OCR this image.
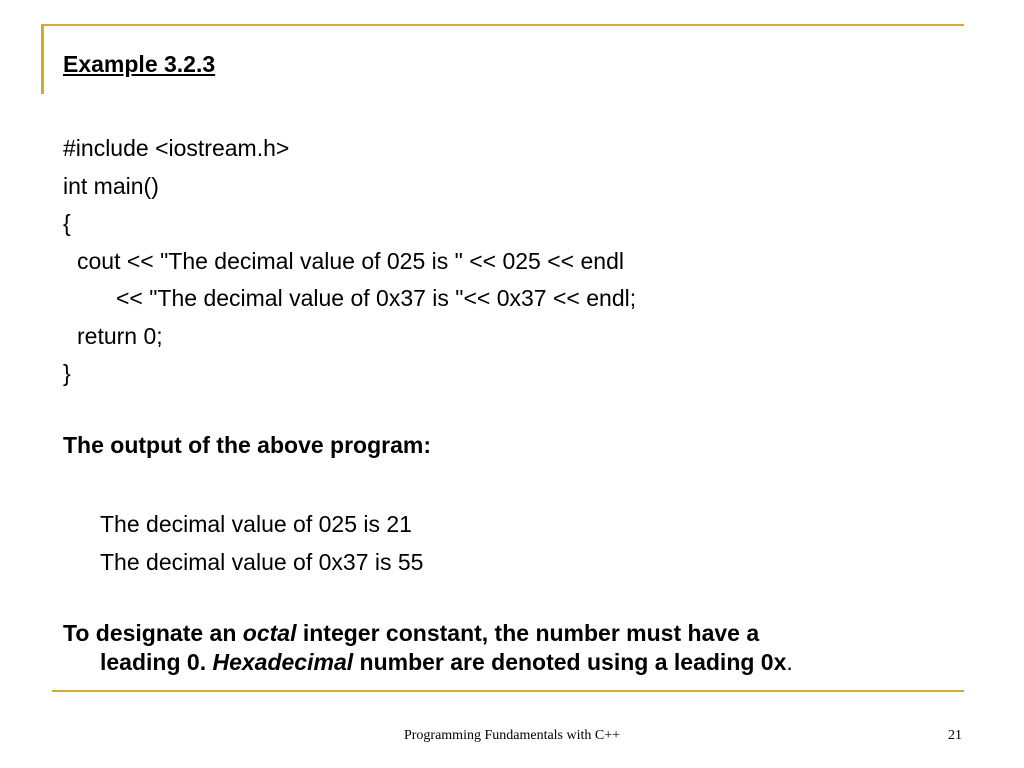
Example 3.2.3
#include <iostream.h>
int main()
{
cout << "The decimal value of 025 is " << 025 << endl
<< "The decimal value of 0x37 is "<< 0x37 << endl;
return 0;
}
The output of the above program:
The decimal value of 025 is 21
The decimal value of 0x37 is 55
To designate an octal integer constant, the number must have a
leading 0. Hexadecimal number are denoted using a leading 0x.
Programming Fundamentals with C++	21
